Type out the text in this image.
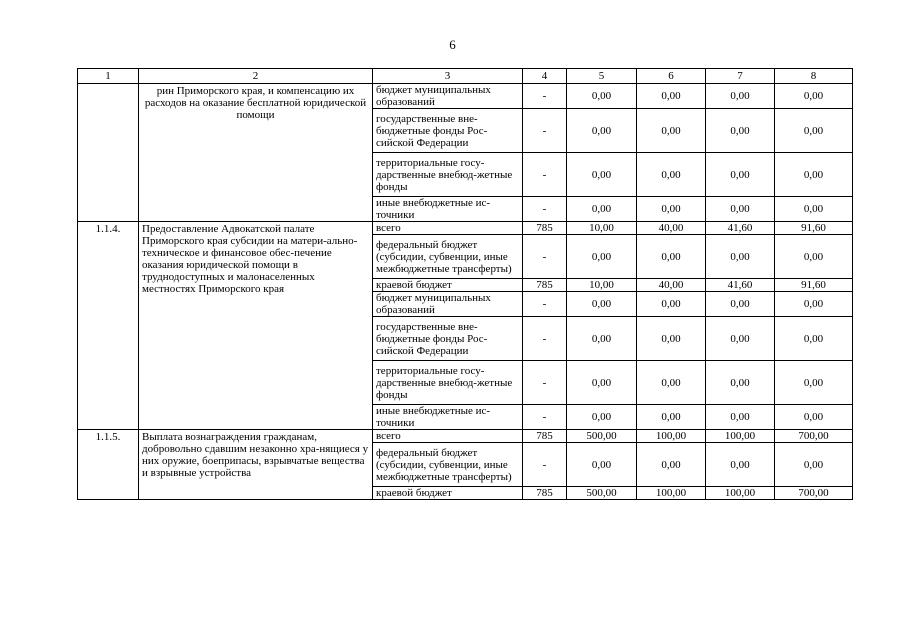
6
1	2	3	4	5	6	7	8
	рин Приморского края, и компенсацию их расходов на оказание бесплатной юридической помощи	бюджет муниципальных образований	-	0,00	0,00	0,00	0,00
		государственные вне-бюджетные фонды Рос-сийской Федерации	-	0,00	0,00	0,00	0,00
		территориальные госу-дарственные внебюд-жетные фонды	-	0,00	0,00	0,00	0,00
		иные внебюджетные ис-точники	-	0,00	0,00	0,00	0,00
1.1.4.	Предоставление Адвокатской палате Приморского края субсидии на матери-ально-техническое и финансовое обес-печение оказания юридической помощи в труднодоступных и малонаселенных местностях Приморского края	всего	785	10,00	40,00	41,60	91,60
		федеральный бюджет (субсидии, субвенции, иные межбюджетные трансферты)	-	0,00	0,00	0,00	0,00
		краевой бюджет	785	10,00	40,00	41,60	91,60
		бюджет муниципальных образований	-	0,00	0,00	0,00	0,00
		государственные вне-бюджетные фонды Рос-сийской Федерации	-	0,00	0,00	0,00	0,00
		территориальные госу-дарственные внебюд-жетные фонды	-	0,00	0,00	0,00	0,00
		иные внебюджетные ис-точники	-	0,00	0,00	0,00	0,00
1.1.5.	Выплата вознаграждения гражданам, добровольно сдавшим незаконно хра-нящиеся у них оружие, боеприпасы, взрывчатые вещества и взрывные устройства	всего	785	500,00	100,00	100,00	700,00
		федеральный бюджет (субсидии, субвенции, иные межбюджетные трансферты)	-	0,00	0,00	0,00	0,00
		краевой бюджет	785	500,00	100,00	100,00	700,00
